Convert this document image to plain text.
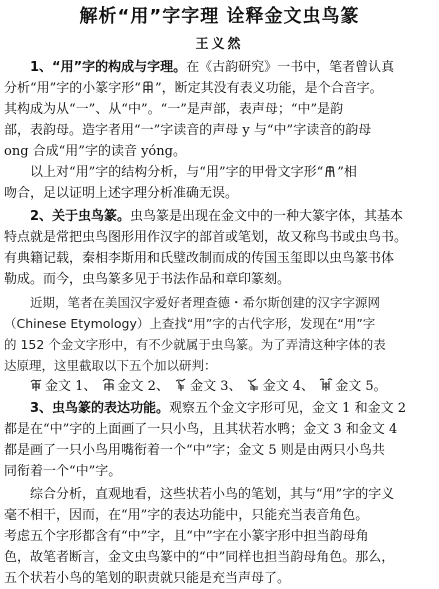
解析“用”字字理 诠释金文虫鸟篆
王义然
1、“用”字的构成与字理。在《古韵研究》一书中，笔者曾认真
分析“用”字的小篆字形“ ”，断定其没有表义功能，是个合音字。
其构成为从“一”、从“中”。“一”是声部，表声母；“中”是韵
部，表韵母。造字者用“一”字读音的声母 y 与“中”字读音的韵母
ong 合成“用”字的读音 yóng。
以上对“用”字的结构分析，与“用”字的甲骨文字形“ ”相
吻合，足以证明上述字理分析准确无误。
2、关于虫鸟篆。虫鸟篆是出现在金文中的一种大篆字体，其基本
特点就是常把虫鸟图形用作汉字的部首或笔划，故又称鸟书或虫鸟书。
有典籍记载，秦相李斯用和氏璧改制而成的传国玉玺即以虫鸟篆书体
勒成。而今，虫鸟篆多见于书法作品和章印篆刻。
近期，笔者在美国汉字爱好者理查德・希尔斯创建的汉字字源网
（Chinese Etymology）上查找“用”字的古代字形，发现在“用”字
的 152 个金文字形中，有不少就属于虫鸟篆。为了弄清这种字体的表
达原理，这里截取以下五个加以研判：
金文 1、 金文 2、 金文 3、 金文 4、 金文 5。
3、虫鸟篆的表达功能。观察五个金文字形可见，金文 1 和金文 2
都是在“中”字的上面画了一只小鸟，且其状若水鸭；金文 3 和金文 4
都是画了一只小鸟用嘴衔着一个“中”字；金文 5 则是由两只小鸟共
同衔着一个“中”字。
综合分析，直观地看，这些状若小鸟的笔划，其与“用”字的字义
毫不相干，因而，在“用”字的表达功能中，只能充当表音角色。
考虑五个字形都含有“中”字，且“中”字在小篆字形中担当韵母角
色，故笔者断言，金文虫鸟篆中的“中”同样也担当韵母角色。那么，
五个状若小鸟的笔划的职责就只能是充当声母了。
